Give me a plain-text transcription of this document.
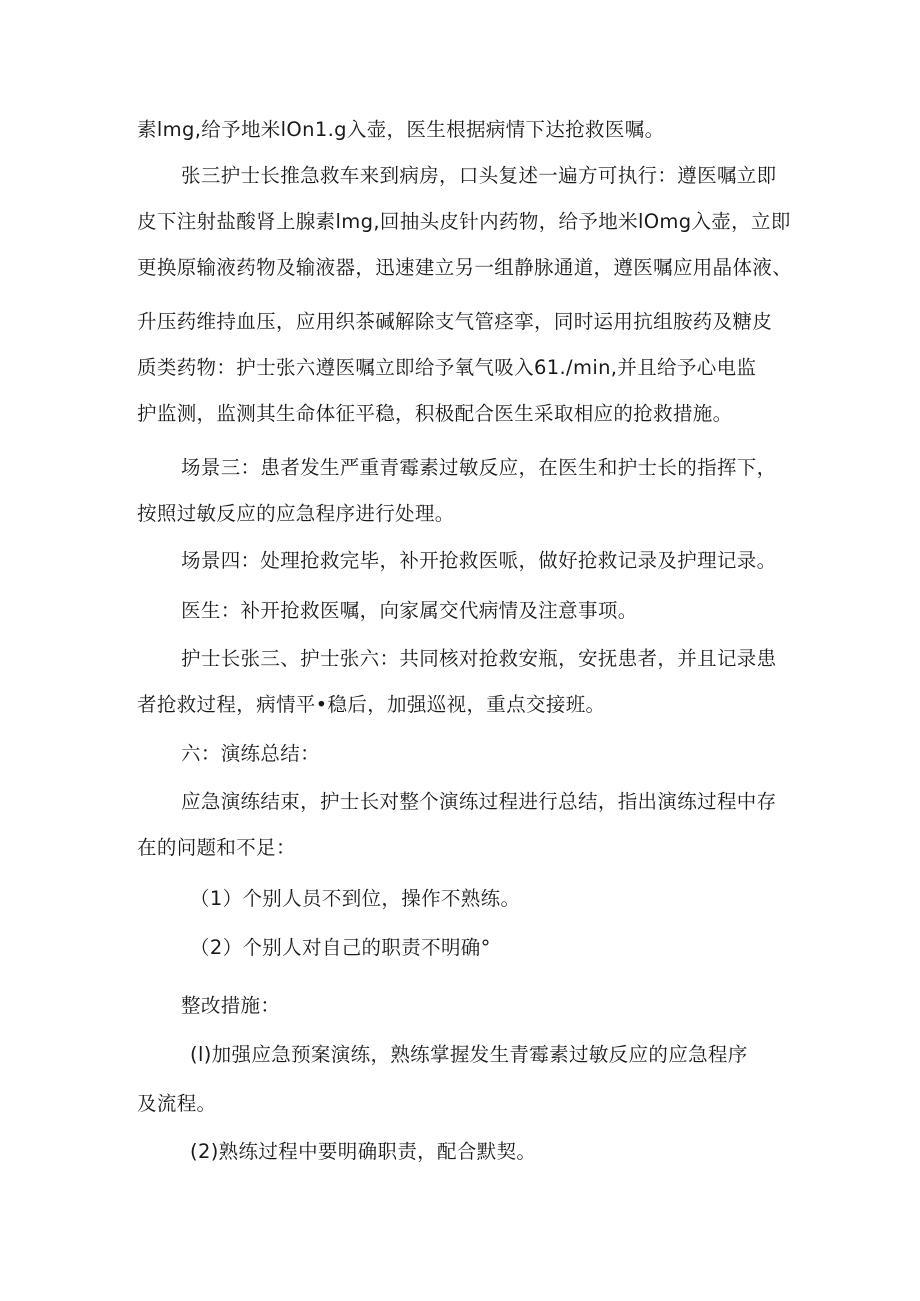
素lmg,给予地米lOn1.g入壶，医生根据病情下达抢救医嘱。
张三护士长推急救车来到病房，口头复述一遍方可执行：遵医嘱立即
皮下注射盐酸肾上腺素lmg,回抽头皮针内药物，给予地米lOmg入壶，立即
更换原输液药物及输液器，迅速建立另一组静脉通道，遵医嘱应用晶体液、
升压药维持血压，应用织茶碱解除支气管痉挛，同时运用抗组胺药及糖皮
质类药物：护士张六遵医嘱立即给予氧气吸入61./min,并且给予心电监
护监测，监测其生命体征平稳，积极配合医生采取相应的抢救措施。
场景三：患者发生严重青霉素过敏反应，在医生和护士长的指挥下，
按照过敏反应的应急程序进行处理。
场景四：处理抢救完毕，补开抢救医哌，做好抢救记录及护理记录。
医生：补开抢救医嘱，向家属交代病情及注意事项。
护士长张三、护士张六：共同核对抢救安瓶，安抚患者，并且记录患
者抢救过程，病情平•稳后，加强巡视，重点交接班。
六：演练总结：
应急演练结束，护士长对整个演练过程进行总结，指出演练过程中存
在的问题和不足：
（1）个别人员不到位，操作不熟练。
（2）个别人对自己的职责不明确°
整改措施：
(l)加强应急预案演练，熟练掌握发生青霉素过敏反应的应急程序
及流程。
(2)熟练过程中要明确职责，配合默契。
